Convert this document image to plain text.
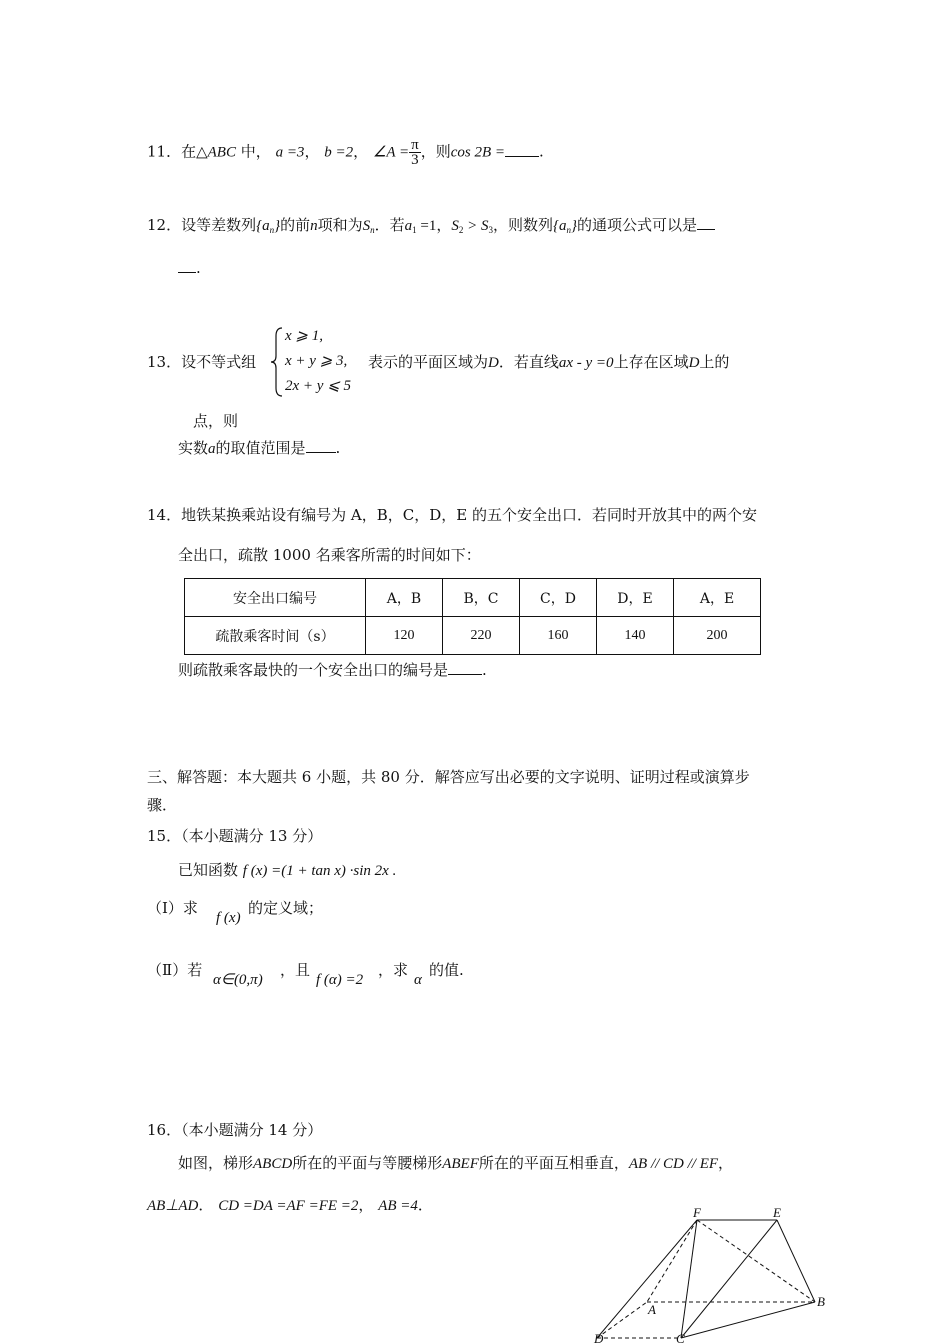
11．在△ABC 中， a =3， b =2， ∠A = $\frac{\pi}{3}$ ，则cos 2B = .
12．设等差数列$\{a_n\}$的前n项和为$S_n$．若$a_1 =1$，$S_2 > S_3$，则数列$\{a_n\}$的通项公式可以是
.
x ⩾ 1,
x + y ⩾ 3,
2x + y ⩽ 5
13．设不等式组	表示的平面区域为D．若直线ax - y =0上存在区域D上的
点，则
实数a的取值范围是 .
14．地铁某换乘站设有编号为 A，B，C，D，E 的五个安全出口．若同时开放其中的两个安
全出口，疏散 1000 名乘客所需的时间如下：
安全出口编号	A，B	B，C	C，D	D，E	A，E
疏散乘客时间（s）	120	220	160	140	200
则疏散乘客最快的一个安全出口的编号是 .
三、解答题：本大题共 6 小题，共 80 分．解答应写出必要的文字说明、证明过程或演算步
骤．
15．（本小题满分 13 分）
已知函数 f (x) =(1 + tan x) ·sin 2x .
（Ⅰ）求
f (x)
的定义域；
（Ⅱ）若
α∈(0,π)
，且
f (α) =2
，求
α
的值.
16．（本小题满分 14 分）
如图，梯形ABCD所在的平面与等腰梯形ABEF所在的平面互相垂直，AB // CD // EF，
AB⊥AD． CD =DA =AF =FE =2， AB =4．	F	E
A
B
D	C
